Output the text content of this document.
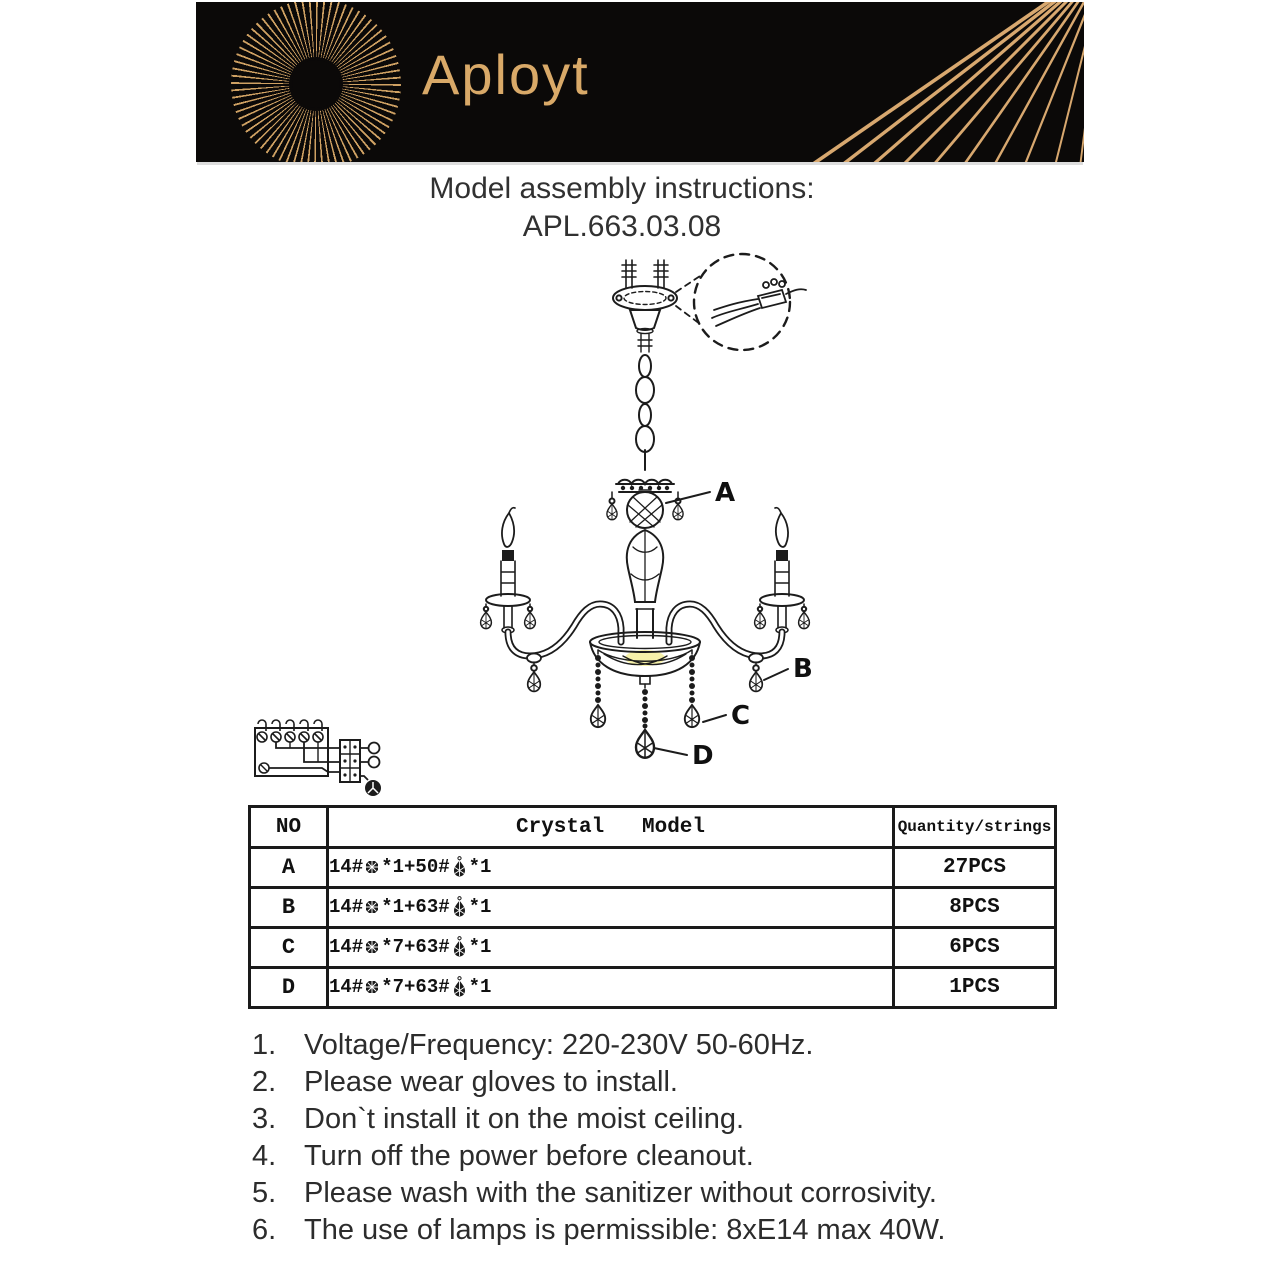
Aployt
Model assembly instructions:
APL.663.03.08
A
B
C
D
NO	Crystal   Model	Quantity/strings
A	14# *1+50# *1	27PCS
B	14# *1+63# *1	8PCS
C	14# *7+63# *1	6PCS
D	14# *7+63# *1	1PCS
1. Voltage/Frequency: 220-230V 50-60Hz.
2. Please wear gloves to install.
3. Don`t install it on the moist ceiling.
4. Turn off the power before cleanout.
5. Please wash with the sanitizer without corrosivity.
6. The use of lamps is permissible: 8xE14 max 40W.
